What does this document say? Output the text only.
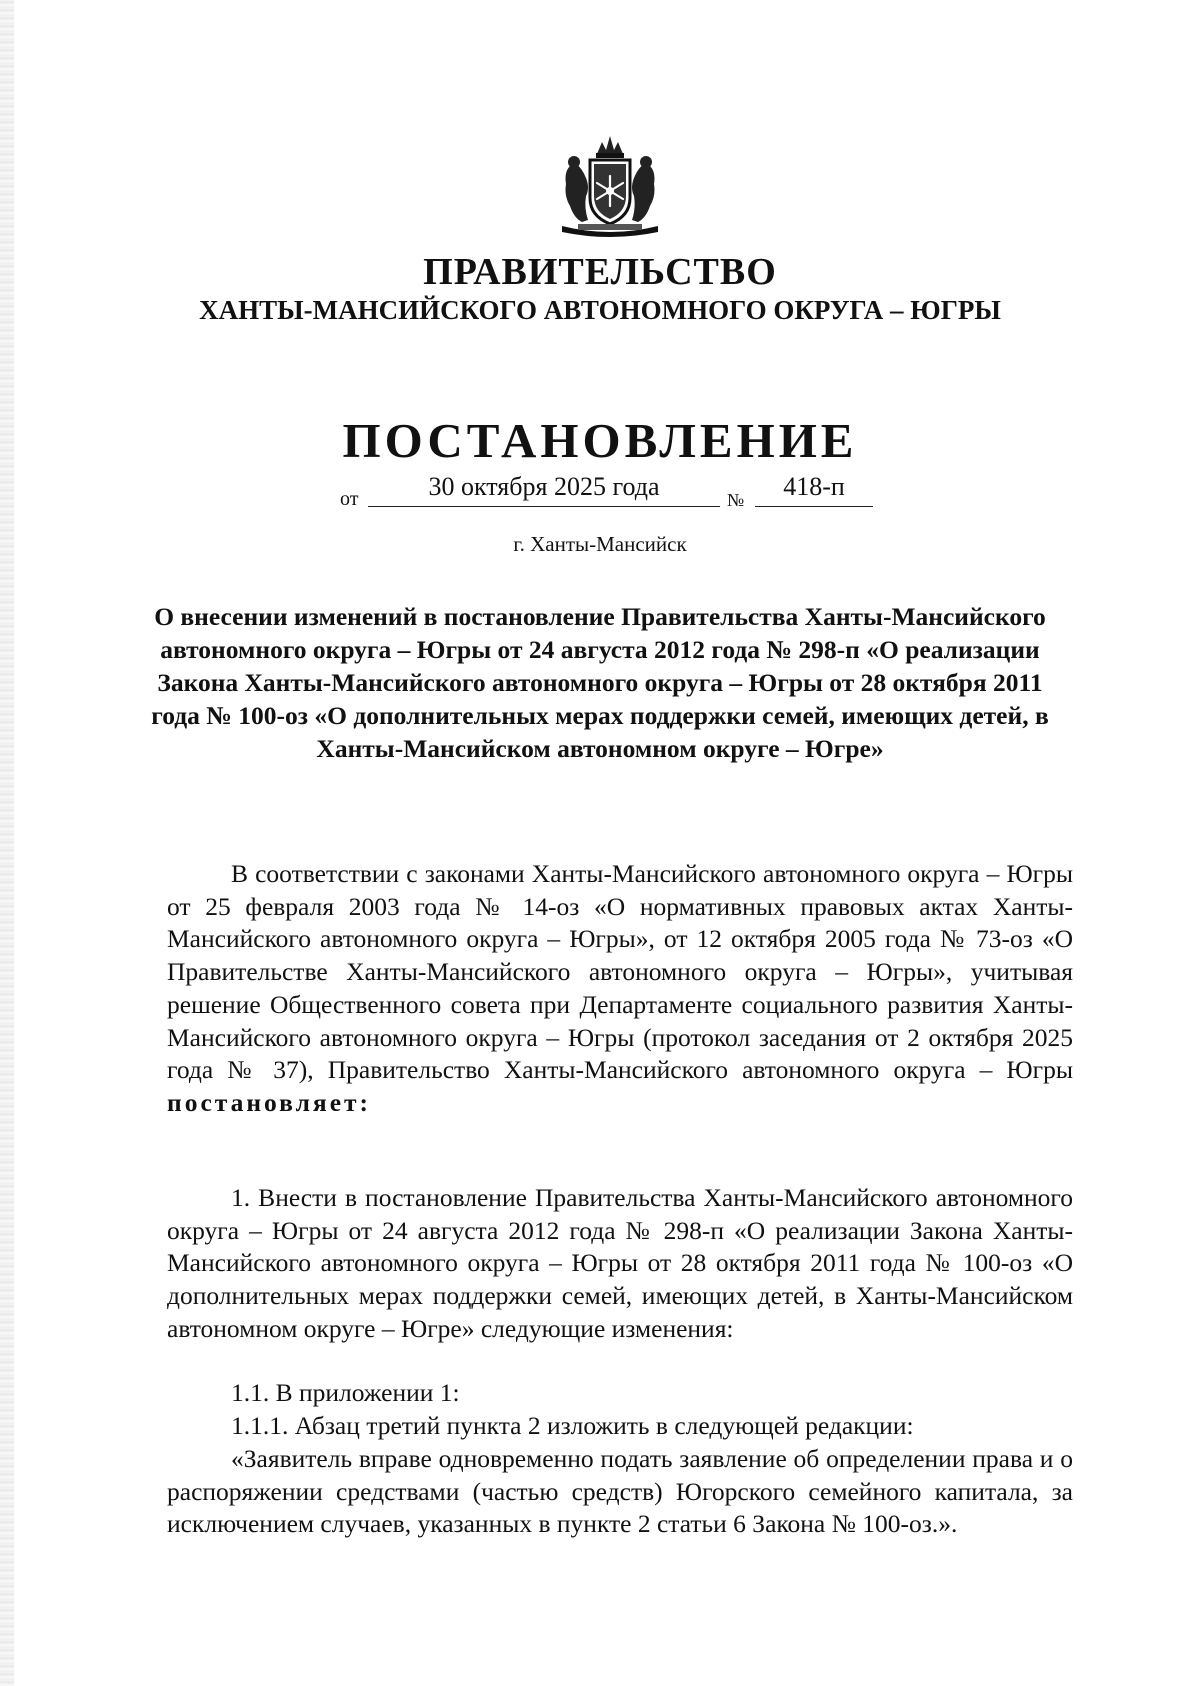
ПРАВИТЕЛЬСТВО
ХАНТЫ-МАНСИЙСКОГО АВТОНОМНОГО ОКРУГА – ЮГРЫ
ПОСТАНОВЛЕНИЕ
от	30 октября 2025 года	№	418-п
г. Ханты-Мансийск
О внесении изменений в постановление Правительства Ханты-Мансийского автономного округа – Югры от 24 августа 2012 года № 298-п «О реализации Закона Ханты-Мансийского автономного округа – Югры от 28 октября 2011 года № 100-оз «О дополнительных мерах поддержки семей, имеющих детей, в Ханты-Мансийском автономном округе – Югре»

В соответствии с законами Ханты-Мансийского автономного округа – Югры от 25 февраля 2003 года № 14-оз «О нормативных правовых актах Ханты-Мансийского автономного округа – Югры», от 12 октября 2005 года № 73-оз «О Правительстве Ханты-Мансийского автономного округа – Югры», учитывая решение Общественного совета при Департаменте социального развития Ханты-Мансийского автономного округа – Югры (протокол заседания от 2 октября 2025 года № 37), Правительство Ханты-Мансийского автономного округа – Югры постановляет:

1. Внести в постановление Правительства Ханты-Мансийского автономного округа – Югры от 24 августа 2012 года № 298-п «О реализации Закона Ханты-Мансийского автономного округа – Югры от 28 октября 2011 года № 100-оз «О дополнительных мерах поддержки семей, имеющих детей, в Ханты-Мансийском автономном округе – Югре» следующие изменения:

1.1. В приложении 1:

1.1.1. Абзац третий пункта 2 изложить в следующей редакции:

«Заявитель вправе одновременно подать заявление об определении права и о распоряжении средствами (частью средств) Югорского семейного капитала, за исключением случаев, указанных в пункте 2 статьи 6 Закона № 100-оз.».
